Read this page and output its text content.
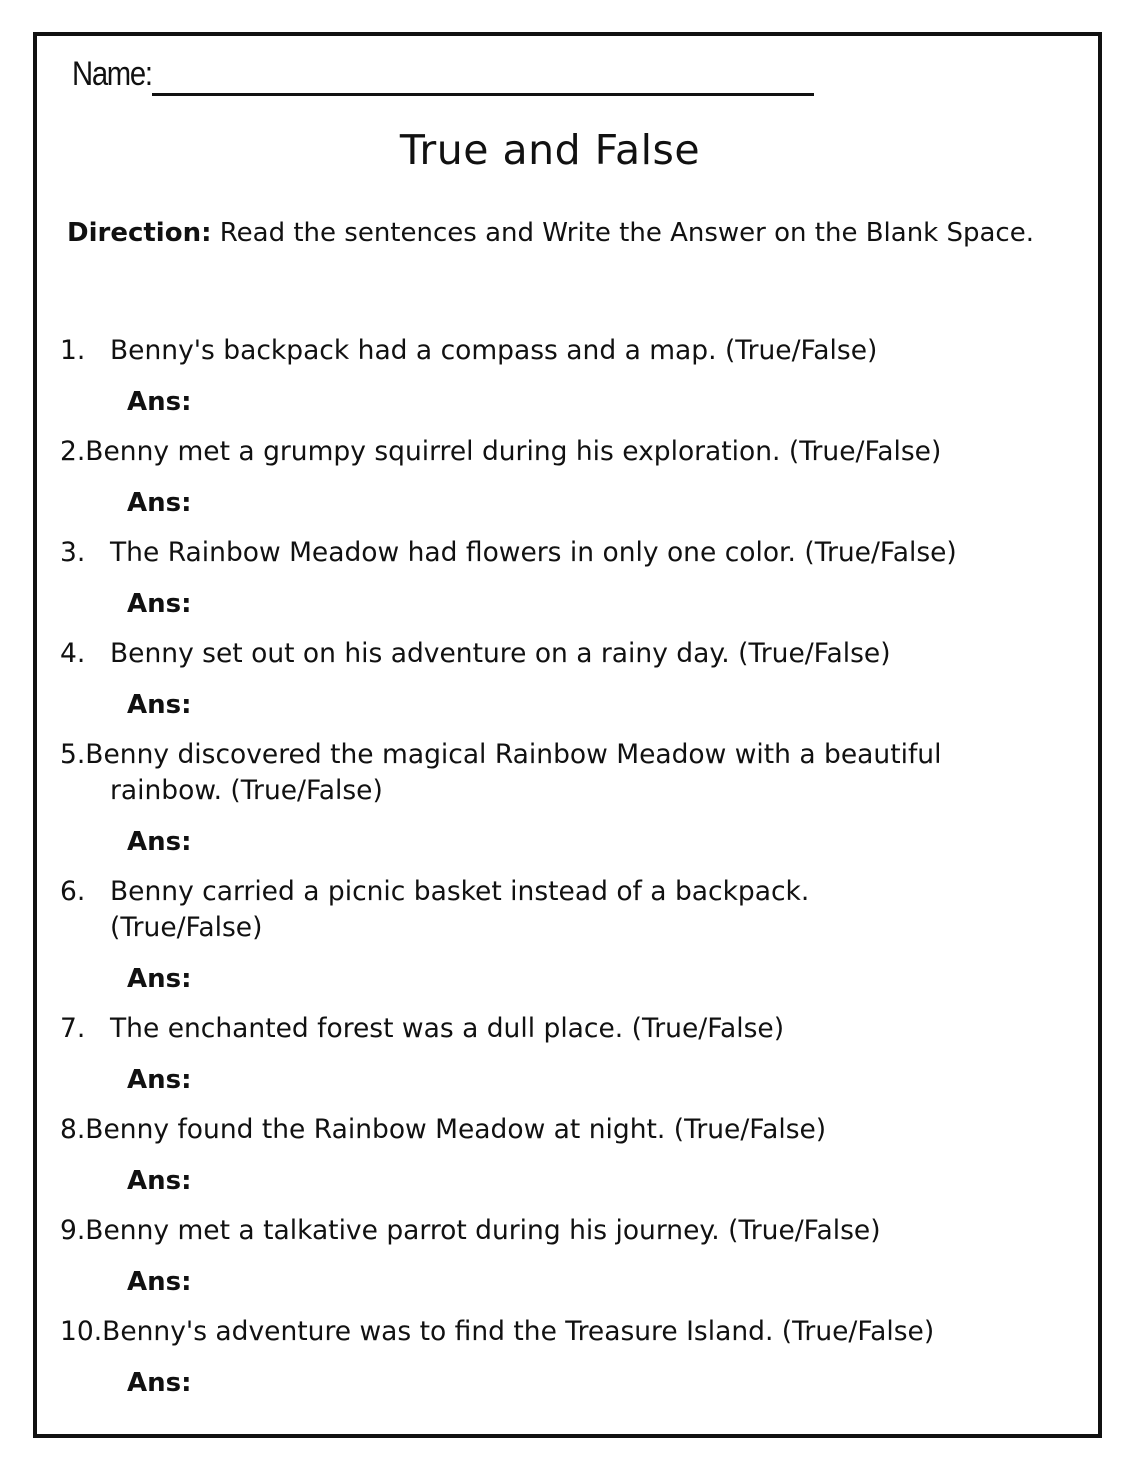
Name:
True and False
Direction: Read the sentences and Write the Answer on the Blank Space.
1. Benny's backpack had a compass and a map. (True/False)
Ans:
2.Benny met a grumpy squirrel during his exploration. (True/False)
Ans:
3. The Rainbow Meadow had flowers in only one color. (True/False)
Ans:
4. Benny set out on his adventure on a rainy day. (True/False)
Ans:
5.Benny discovered the magical Rainbow Meadow with a beautiful
rainbow. (True/False)
Ans:
6. Benny carried a picnic basket instead of a backpack.
(True/False)
Ans:
7. The enchanted forest was a dull place. (True/False)
Ans:
8.Benny found the Rainbow Meadow at night. (True/False)
Ans:
9.Benny met a talkative parrot during his journey. (True/False)
Ans:
10.Benny's adventure was to find the Treasure Island. (True/False)
Ans:
